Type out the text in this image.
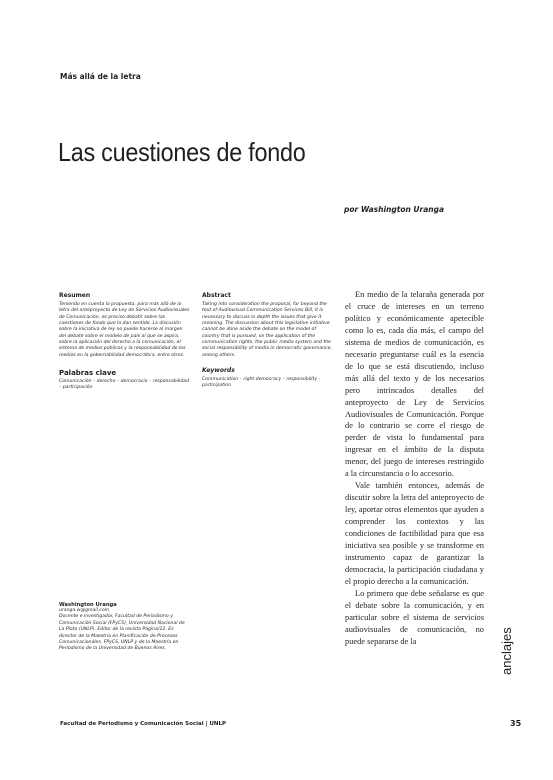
Más allá de la letra
Las cuestiones de fondo
por Washington Uranga

Resumen

Teniendo en cuenta la propuesta, para más allá de la letra del anteproyecto de Ley de Servicios Audiovisuales de Comunicación, es preciso debatir sobre las cuestiones de fondo que la dan sentido. La discusión sobre la iniciativa de ley no puede hacerse al margen del debate sobre el modelo de país al que se aspira, sobre la aplicación del derecho a la comunicación, el sistema de medios públicos y la responsabilidad de los medios en la gobernabilidad democrática, entre otros.

Palabras clave

Comunicación – derecho – democracia – responsabilidad – participación

Abstract

Taking into consideration the proposal, far beyond the text of Audiovisual Communication Services Bill, it is necessary to discuss in depth the issues that give it meaning. The discussion about this legislative initiative cannot be done aside the debate on the model of country that is pursued, on the application of the communication rights, the public media system and the social responsibility of media in democratic governance, among others.

Keywords

Communication – right democracy – responsibility – participation

Washington Uranga

uranga.w@gmail.com

Docente e investigador, Facultad de Periodismo y Comunicación Social (FPyCS), Universidad Nacional de La Plata (UNLP). Editor de la revista Página/12. Es director de la Maestría en Planificación de Procesos Comunicacionales, FPyCS, UNLP y de la Maestría en Periodismo de la Universidad de Buenos Aires.

En medio de la telaraña generada por el cruce de intereses en un terreno político y económicamente apetecible como lo es, cada día más, el campo del sistema de medios de comunicación, es necesario preguntarse cuál es la esencia de lo que se está discutiendo, incluso más allá del texto y de los necesarios pero intrincados detalles del anteproyecto de Ley de Servicios Audiovisuales de Comunicación. Porque de lo contrario se corre el riesgo de perder de vista lo fundamental para ingresar en el ámbito de la disputa menor, del juego de intereses restringido a la circunstancia o lo accesorio.

Vale también entonces, además de discutir sobre la letra del anteproyecto de ley, aportar otros elementos que ayuden a comprender los contextos y las condiciones de factibilidad para que esa iniciativa sea posible y se transforme en instrumento capaz de garantizar la democracia, la participación ciudadana y el propio derecho a la comunicación.

Lo primero que debe señalarse es que el debate sobre la comunicación, y en particular sobre el sistema de servicios audiovisuales de comunicación, no puede separarse de la	anclajes
Facultad de Periodismo y Comunicación Social | UNLP	35
